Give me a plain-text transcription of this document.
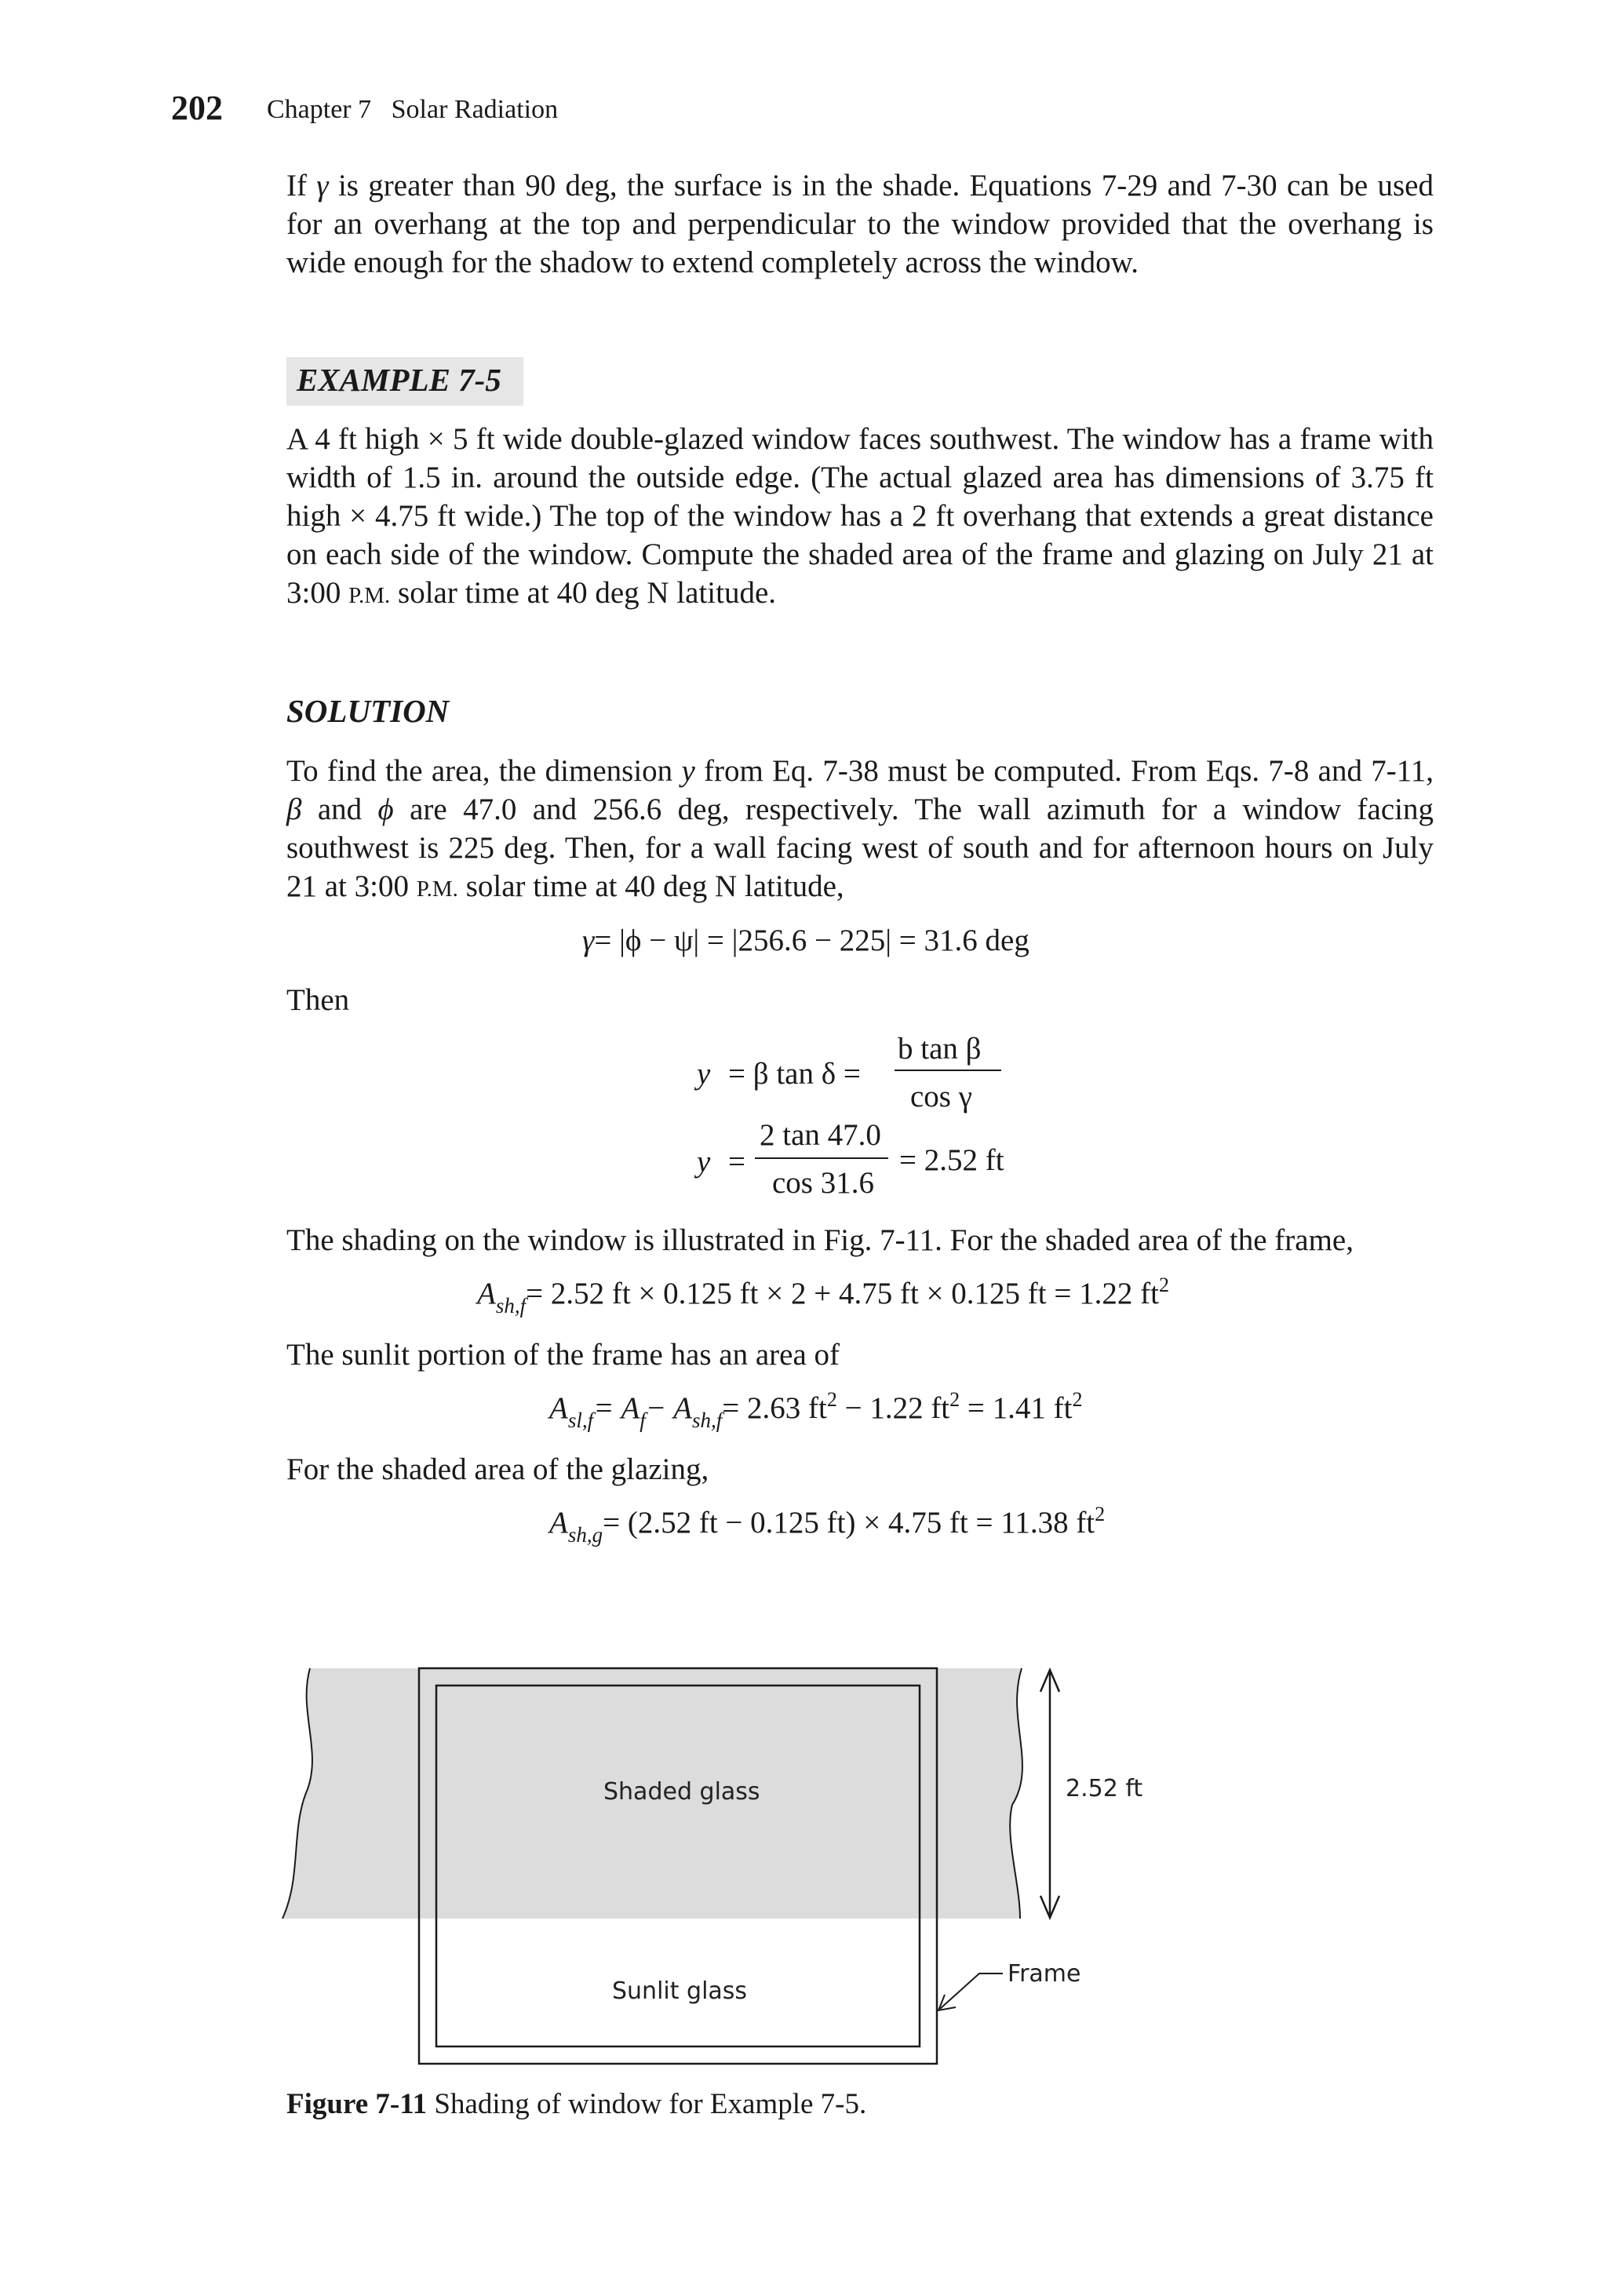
202 Chapter 7 Solar Radiation

If γ is greater than 90 deg, the surface is in the shade. Equations 7-29 and 7-30 can be used for an overhang at the top and perpendicular to the window provided that the overhang is wide enough for the shadow to extend completely across the window.

EXAMPLE 7-5

A 4 ft high × 5 ft wide double-glazed window faces southwest. The window has a frame with width of 1.5 in. around the outside edge. (The actual glazed area has dimensions of 3.75 ft high × 4.75 ft wide.) The top of the window has a 2 ft overhang that extends a great distance on each side of the window. Compute the shaded area of the frame and glazing on July 21 at 3:00 P.M. solar time at 40 deg N latitude.

SOLUTION

To find the area, the dimension y from Eq. 7-38 must be computed. From Eqs. 7-8 and 7-11, β and ϕ are 47.0 and 256.6 deg, respectively. The wall azimuth for a window facing southwest is 225 deg. Then, for a wall facing west of south and for afternoon hours on July 21 at 3:00 P.M. solar time at 40 deg N latitude,

γ= |ϕ − ψ| = |256.6 − 225| = 31.6 deg
Then
y = β tan δ =
b tan β
cos γ
y =
2 tan 47.0
cos 31.6
= 2.52 ft

The shading on the window is illustrated in Fig. 7-11. For the shaded area of the frame,

$A_{sh,f}= 2.52$ ft × 0.125 ft × 2 + 4.75 ft × 0.125 ft = 1.22 $ft^2$

The sunlit portion of the frame has an area of

$A_{sl,f}= A_f- A_{sh,f}= 2.63$ $ft^2 - 1.22$ $ft^2 = 1.41$ $ft^2$

For the shaded area of the glazing,

$A_{sh,g}= (2.52$ ft − 0.125 ft) × 4.75 ft = 11.38 $ft^2$
Shaded glass
Sunlit glass
2.52 ft
Frame
Figure 7-11 Shading of window for Example 7-5.
